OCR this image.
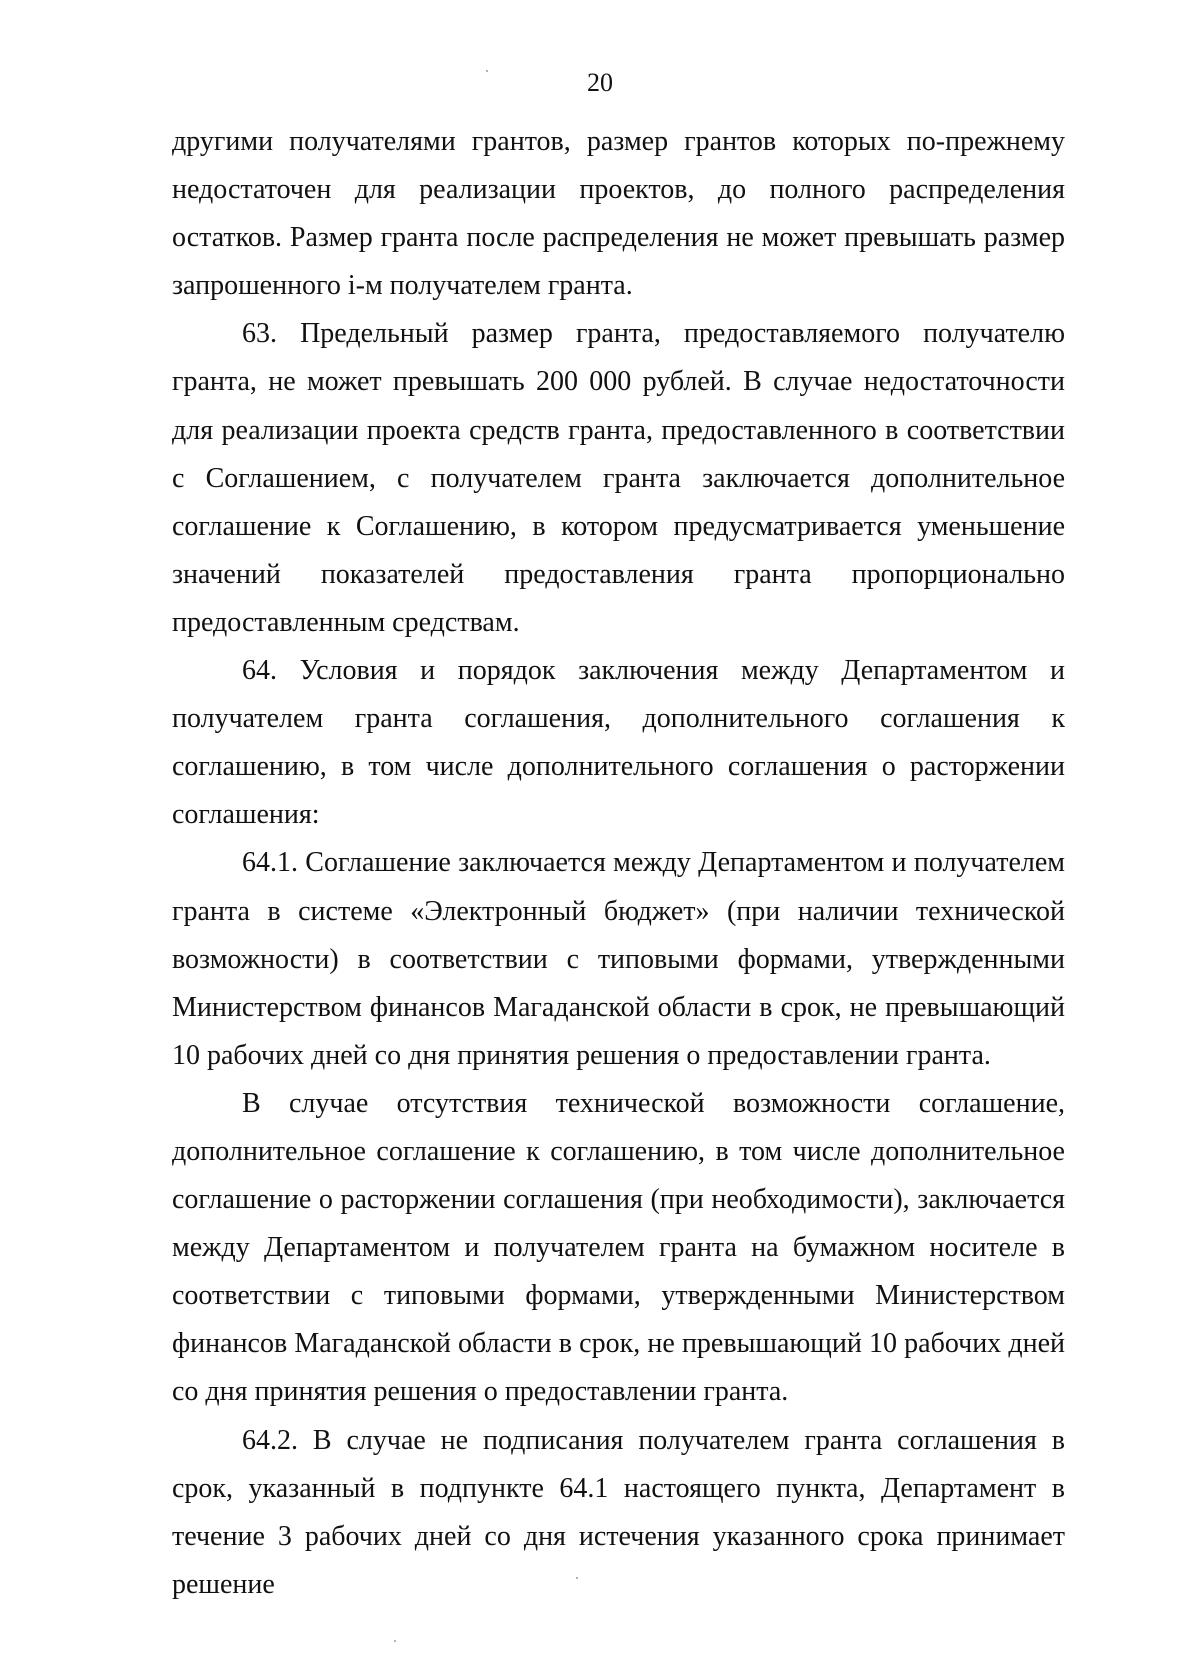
20

другими получателями грантов, размер грантов которых по-прежнему недостаточен для реализации проектов, до полного распределения остатков. Размер гранта после распределения не может превышать размер запрошенного i-м получателем гранта.

63. Предельный размер гранта, предоставляемого получателю гранта, не может превышать 200 000 рублей. В случае недостаточности для реализации проекта средств гранта, предоставленного в соответствии с Соглашением, с получателем гранта заключается дополнительное соглашение к Соглашению, в котором предусматривается уменьшение значений показателей предоставления гранта пропорционально предоставленным средствам.

64. Условия и порядок заключения между Департаментом и получателем гранта соглашения, дополнительного соглашения к соглашению, в том числе дополнительного соглашения о расторжении соглашения:

64.1. Соглашение заключается между Департаментом и получателем гранта в системе «Электронный бюджет» (при наличии технической возможности) в соответствии с типовыми формами, утвержденными Министерством финансов Магаданской области в срок, не превышающий 10 рабочих дней со дня принятия решения о предоставлении гранта.

В случае отсутствия технической возможности соглашение, дополнительное соглашение к соглашению, в том числе дополнительное соглашение о расторжении соглашения (при необходимости), заключается между Департаментом и получателем гранта на бумажном носителе в соответствии с типовыми формами, утвержденными Министерством финансов Магаданской области в срок, не превышающий 10 рабочих дней со дня принятия решения о предоставлении гранта.

64.2. В случае не подписания получателем гранта соглашения в срок, указанный в подпункте 64.1 настоящего пункта, Департамент в течение 3 рабочих дней со дня истечения указанного срока принимает решение
